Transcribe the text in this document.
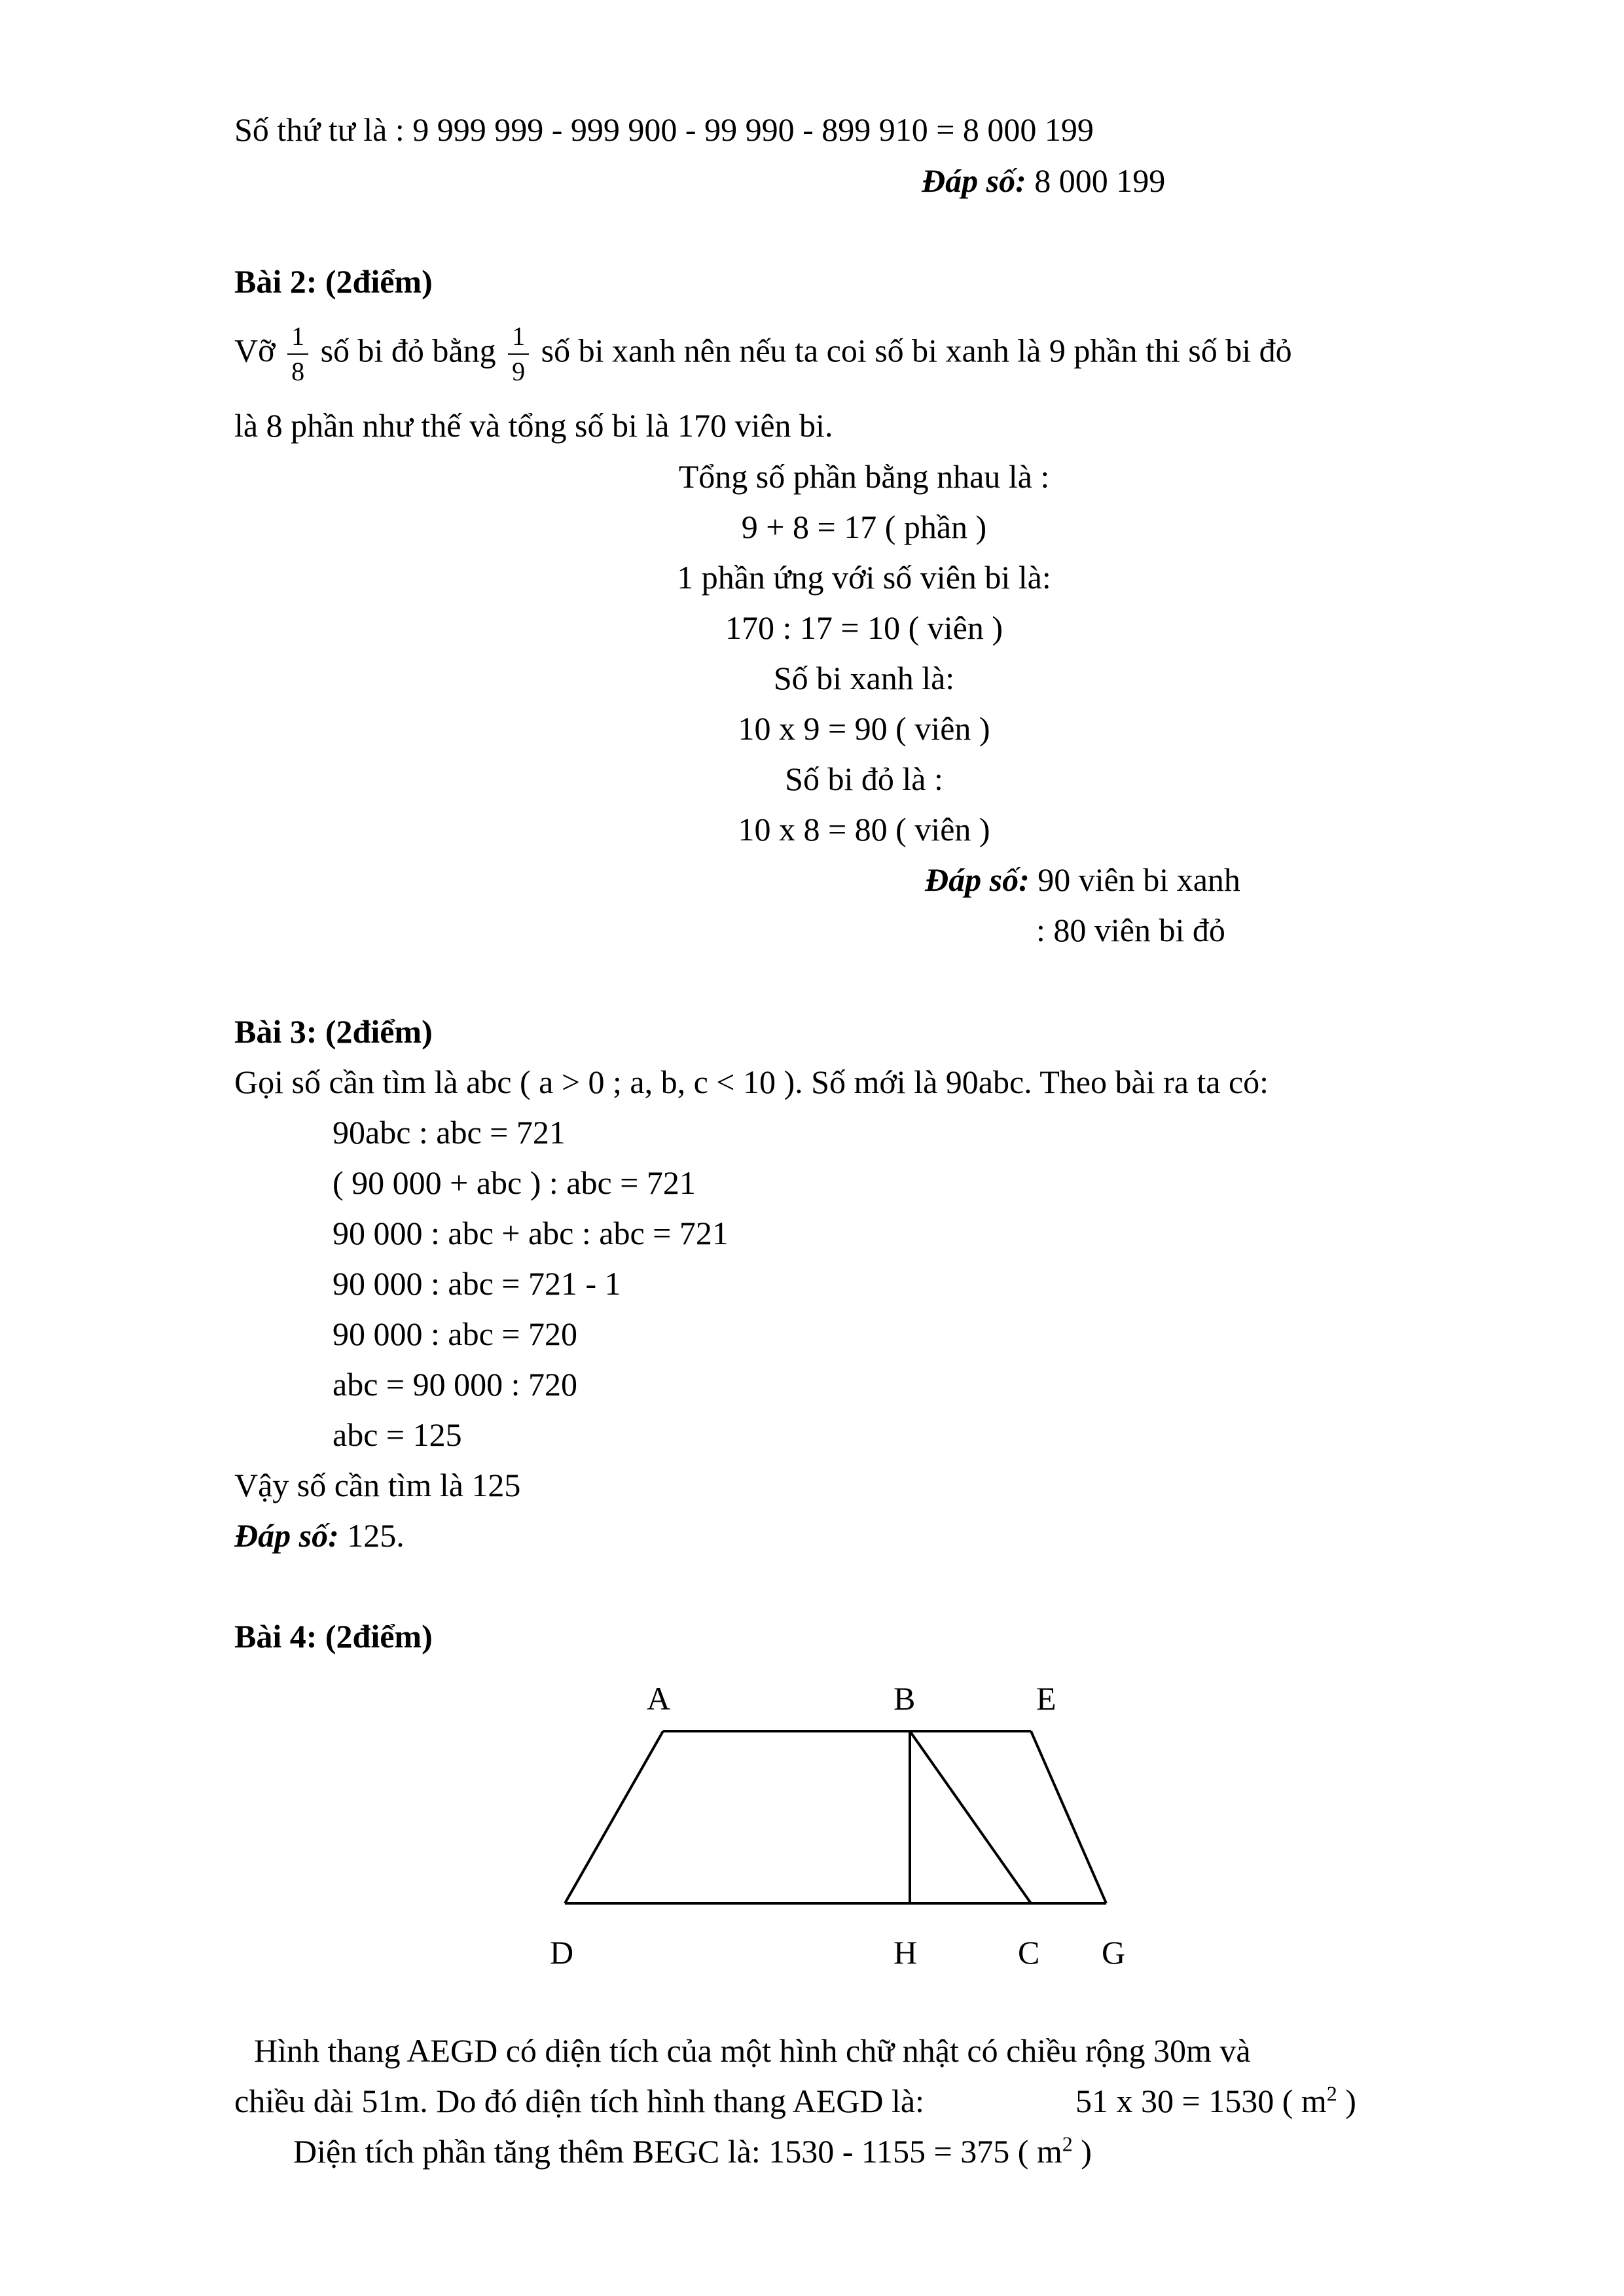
Số thứ tư là : 9 999 999 - 999 900 - 99 990 - 899 910 = 8 000 199
Đáp số: 8 000 199
Bài 2: (2điểm)
Vỡ $\frac{1}{8}$ số bi đỏ bằng $\frac{1}{9}$ số bi xanh nên nếu ta coi số bi xanh là 9 phần thi số bi đỏ
là 8 phần như thế và tổng số bi là 170 viên bi.
Tổng số phần bằng nhau là :
9 + 8 = 17 ( phần )
1 phần ứng với số viên bi là:
170 : 17 = 10 ( viên )
Số bi xanh là:
10 x 9 = 90 ( viên )
Số bi đỏ là :
10 x 8 = 80 ( viên )
Đáp số: 90 viên bi xanh
: 80 viên bi đỏ
Bài 3: (2điểm)
Gọi số cần tìm là abc ( a > 0 ; a, b, c < 10 ). Số mới là 90abc. Theo bài ra ta có:
90abc : abc = 721
( 90 000 + abc ) : abc = 721
90 000 : abc + abc : abc = 721
90 000 : abc = 721 - 1
90 000 : abc = 720
abc = 90 000 : 720
abc = 125
Vậy số cần tìm là 125
Đáp số: 125.
Bài 4: (2điểm)
A	B	E
D	H	C G
Hình thang AEGD có diện tích của một hình chữ nhật có chiều rộng 30m và
chiều dài 51m. Do đó diện tích hình thang AEGD là:	51 x 30 = 1530 ( $m^2$ )
Diện tích phần tăng thêm BEGC là: 1530 - 1155 = 375 ( $m^2$ )
